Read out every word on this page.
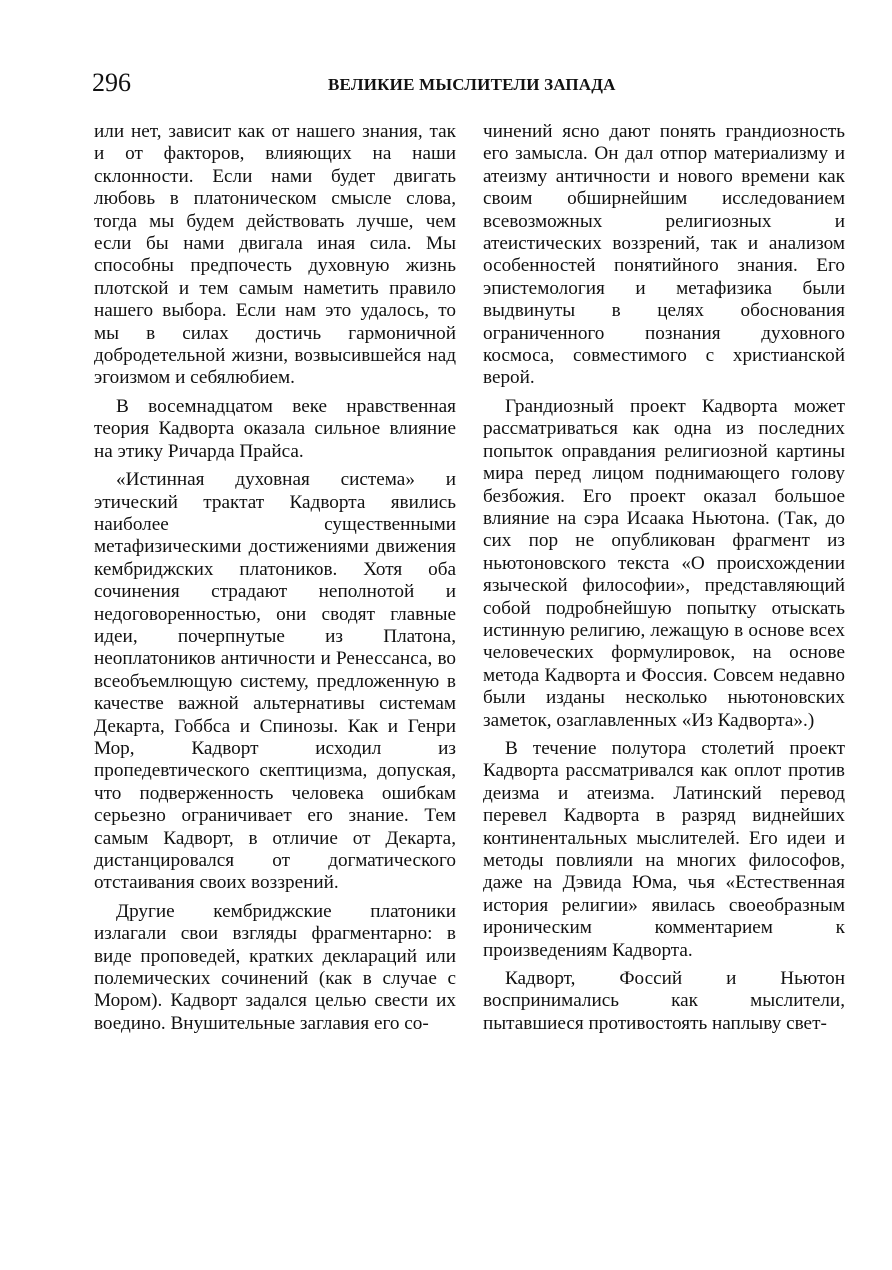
296	ВЕЛИКИЕ МЫСЛИТЕЛИ ЗАПАДА

или нет, зависит как от нашего знания, так и от факторов, влияющих на наши склонности. Если нами будет двигать любовь в платоническом смысле слова, тогда мы будем действовать лучше, чем если бы нами двигала иная сила. Мы способны предпочесть духовную жизнь плотской и тем самым наметить правило нашего выбора. Если нам это удалось, то мы в силах достичь гармоничной добродетельной жизни, возвысившейся над эгоизмом и себялюбием.

В восемнадцатом веке нравственная теория Кадворта оказала сильное влияние на этику Ричарда Прайса.

«Истинная духовная система» и этический трактат Кадворта явились наиболее существенными метафизическими достижениями движения кембриджских платоников. Хотя оба сочинения страдают неполнотой и недоговоренностью, они сводят главные идеи, почерпнутые из Платона, неоплатоников античности и Ренессанса, во всеобъемлющую систему, предложенную в качестве важной альтернативы системам Декарта, Гоббса и Спинозы. Как и Генри Мор, Кадворт исходил из пропедевтического скептицизма, допуская, что подверженность человека ошибкам серьезно ограничивает его знание. Тем самым Кадворт, в отличие от Декарта, дистанцировался от догматического отстаивания своих воззрений.

Другие кембриджские платоники излагали свои взгляды фрагментарно: в виде проповедей, кратких деклараций или полемических сочинений (как в случае с Мором). Кадворт задался целью свести их воедино. Внушительные заглавия его со-

чинений ясно дают понять грандиозность его замысла. Он дал отпор материализму и атеизму античности и нового времени как своим обширнейшим исследованием всевозможных религиозных и атеистических воззрений, так и анализом особенностей понятийного знания. Его эпистемология и метафизика были выдвинуты в целях обоснования ограниченного познания духовного космоса, совместимого с христианской верой.

Грандиозный проект Кадворта может рассматриваться как одна из последних попыток оправдания религиозной картины мира перед лицом поднимающего голову безбожия. Его проект оказал большое влияние на сэра Исаака Ньютона. (Так, до сих пор не опубликован фрагмент из ньютоновского текста «О происхождении языческой философии», представляющий собой подробнейшую попытку отыскать истинную религию, лежащую в основе всех человеческих формулировок, на основе метода Кадворта и Фоссия. Совсем недавно были изданы несколько ньютоновских заметок, озаглавленных «Из Кадворта».)

В течение полутора столетий проект Кадворта рассматривался как оплот против деизма и атеизма. Латинский перевод перевел Кадворта в разряд виднейших континентальных мыслителей. Его идеи и методы повлияли на многих философов, даже на Дэвида Юма, чья «Естественная история религии» явилась своеобразным ироническим комментарием к произведениям Кадворта.

Кадворт, Фоссий и Ньютон воспринимались как мыслители, пытавшиеся противостоять наплыву свет-
